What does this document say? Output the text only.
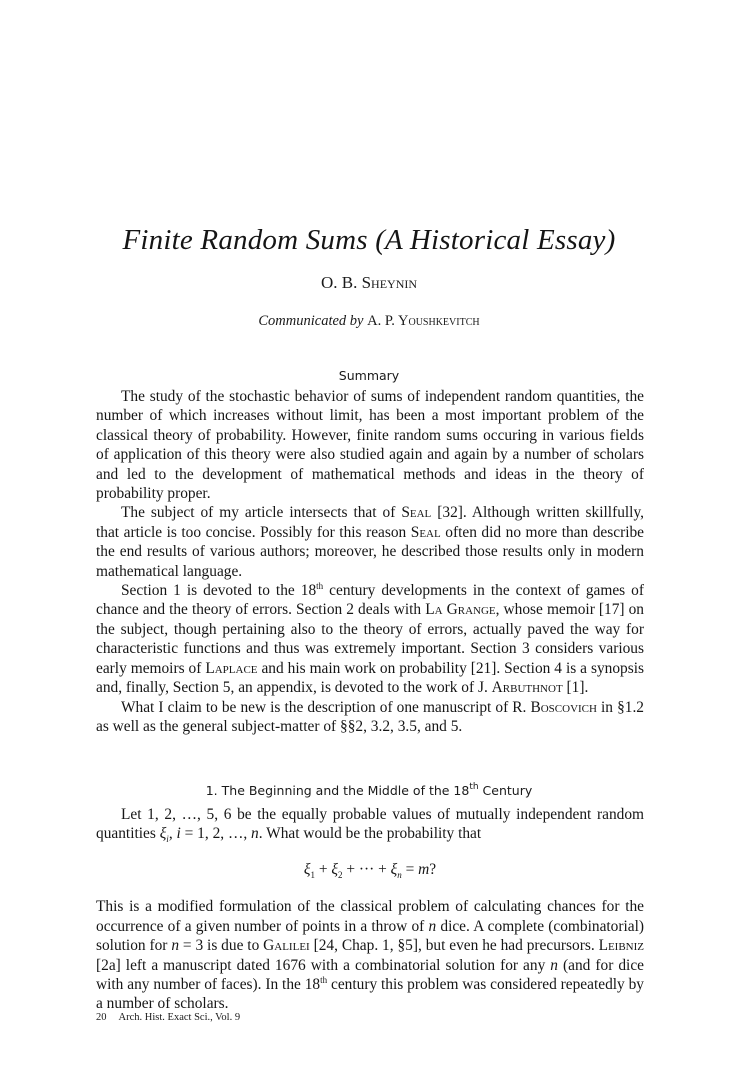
Finite Random Sums (A Historical Essay)
O. B. Sheynin
Communicated by A. P. Youshkevitch
Summary

The study of the stochastic behavior of sums of independent random quantities, the number of which increases without limit, has been a most important problem of the classical theory of probability. However, finite random sums occuring in various fields of application of this theory were also studied again and again by a number of scholars and led to the development of mathematical methods and ideas in the theory of probability proper.

The subject of my article intersects that of Seal [32]. Although written skillfully, that article is too concise. Possibly for this reason Seal often did no more than describe the end results of various authors; moreover, he described those results only in modern mathematical language.

Section 1 is devoted to the 18th century developments in the context of games of chance and the theory of errors. Section 2 deals with La Grange, whose memoir [17] on the subject, though pertaining also to the theory of errors, actually paved the way for characteristic functions and thus was extremely important. Section 3 considers various early memoirs of Laplace and his main work on probability [21]. Section 4 is a synopsis and, finally, Section 5, an appendix, is devoted to the work of J. Arbuthnot [1].

What I claim to be new is the description of one manuscript of R. Boscovich in §1.2 as well as the general subject-matter of §§2, 3.2, 3.5, and 5.

1. The Beginning and the Middle of the 18th Century

Let 1, 2, …, 5, 6 be the equally probable values of mutually independent random quantities $\xi_i$, i = 1, 2, …, n. What would be the probability that

$\xi_1 + \xi_2$ + ··· + $\xi_n = m$?

This is a modified formulation of the classical problem of calculating chances for the occurrence of a given number of points in a throw of n dice. A complete (combinatorial) solution for n = 3 is due to Galilei [24, Chap. 1, §5], but even he had precursors. Leibniz [2a] left a manuscript dated 1676 with a combinatorial solution for any n (and for dice with any number of faces). In the 18th century this problem was considered repeatedly by a number of scholars.

20 Arch. Hist. Exact Sci., Vol. 9
